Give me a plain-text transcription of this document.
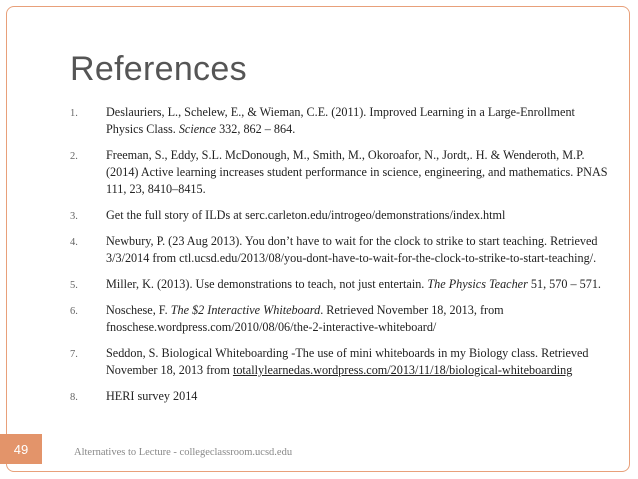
References
1. Deslauriers, L., Schelew, E., & Wieman, C.E. (2011). Improved Learning in a Large-Enrollment Physics Class. Science 332, 862 – 864.
2. Freeman, S., Eddy, S.L. McDonough, M., Smith, M., Okoroafor, N., Jordt,. H. & Wenderoth, M.P. (2014) Active learning increases student performance in science, engineering, and mathematics. PNAS 111, 23, 8410–8415.
3. Get the full story of ILDs at serc.carleton.edu/introgeo/demonstrations/index.html
4. Newbury, P. (23 Aug 2013). You don’t have to wait for the clock to strike to start teaching. Retrieved 3/3/2014 from ctl.ucsd.edu/2013/08/you-dont-have-to-wait-for-the-clock-to-strike-to-start-teaching/.
5. Miller, K. (2013). Use demonstrations to teach, not just entertain. The Physics Teacher 51, 570 – 571.
6. Noschese, F. The $2 Interactive Whiteboard. Retrieved November 18, 2013, from fnoschese.wordpress.com/2010/08/06/the-2-interactive-whiteboard/
7. Seddon, S. Biological Whiteboarding -The use of mini whiteboards in my Biology class. Retrieved November 18, 2013 from totallylearnedas.wordpress.com/2013/11/18/biological-whiteboarding
8. HERI survey 2014
Alternatives to Lecture - collegeclassroom.ucsd.edu
49
